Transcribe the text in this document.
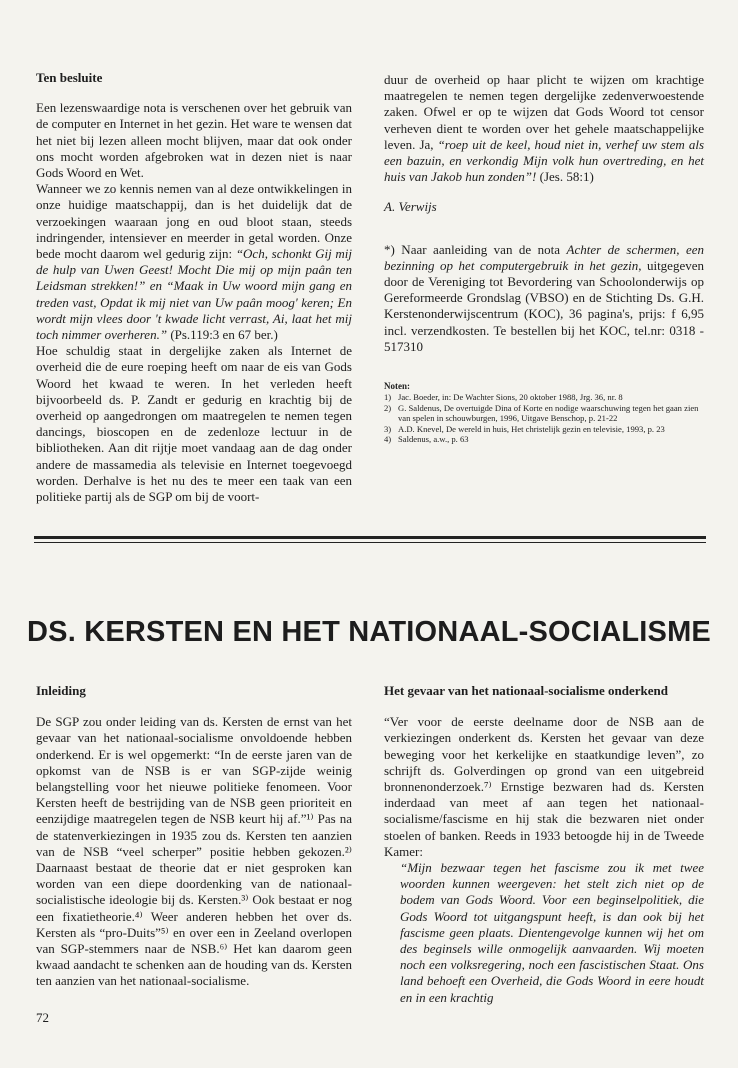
Ten besluite

Een lezenswaardige nota is verschenen over het gebruik van de computer en Internet in het gezin. Het ware te wensen dat het niet bij lezen alleen mocht blijven, maar dat ook onder ons mocht worden afgebroken wat in dezen niet is naar Gods Woord en Wet.

Wanneer we zo kennis nemen van al deze ontwikkelingen in onze huidige maatschappij, dan is het duidelijk dat de verzoekingen waaraan jong en oud bloot staan, steeds indringender, intensiever en meerder in getal worden. Onze bede mocht daarom wel gedurig zijn: “Och, schonkt Gij mij de hulp van Uwen Geest! Mocht Die mij op mijn paân ten Leidsman strekken!” en “Maak in Uw woord mijn gang en treden vast, Opdat ik mij niet van Uw paân moog' keren; En wordt mijn vlees door 't kwade licht verrast, Ai, laat het mij toch nimmer overheren.” (Ps.119:3 en 67 ber.)

Hoe schuldig staat in dergelijke zaken als Internet de overheid die de eure roeping heeft om naar de eis van Gods Woord het kwaad te weren. In het verleden heeft bijvoorbeeld ds. P. Zandt er gedurig en krachtig bij de overheid op aangedrongen om maatregelen te nemen tegen dancings, bioscopen en de zedenloze lectuur in de bibliotheken. Aan dit rijtje moet vandaag aan de dag onder andere de massamedia als televisie en Internet toegevoegd worden. Derhalve is het nu des te meer een taak van een politieke partij als de SGP om bij de voort-

duur de overheid op haar plicht te wijzen om krachtige maatregelen te nemen tegen dergelijke zedenverwoestende zaken. Ofwel er op te wijzen dat Gods Woord tot censor verheven dient te worden over het gehele maatschappelijke leven. Ja, “roep uit de keel, houd niet in, verhef uw stem als een bazuin, en verkondig Mijn volk hun overtreding, en het huis van Jakob hun zonden”! (Jes. 58:1)

A. Verwijs

*) Naar aanleiding van de nota Achter de schermen, een bezinning op het computergebruik in het gezin, uitgegeven door de Vereniging tot Bevordering van Schoolonderwijs op Gereformeerde Grondslag (VBSO) en de Stichting Ds. G.H. Kerstenonderwijscentrum (KOC), 36 pagina's, prijs: f 6,95 incl. verzendkosten. Te bestellen bij het KOC, tel.nr: 0318 - 517310

Noten:
1) Jac. Boeder, in: De Wachter Sions, 20 oktober 1988, Jrg. 36, nr. 8
2) G. Saldenus, De overtuigde Dina of Korte en nodige waarschuwing tegen het gaan zien van spelen in schouwburgen, 1996, Uitgave Benschop, p. 21-22
3) A.D. Knevel, De wereld in huis, Het christelijk gezin en televisie, 1993, p. 23
4) Saldenus, a.w., p. 63
DS. KERSTEN EN HET NATIONAAL-SOCIALISME
Inleiding

De SGP zou onder leiding van ds. Kersten de ernst van het gevaar van het nationaal-socialisme onvoldoende hebben onderkend. Er is wel opgemerkt: “In de eerste jaren van de opkomst van de NSB is er van SGP-zijde weinig belangstelling voor het nieuwe politieke fenomeen. Voor Kersten heeft de bestrijding van de NSB geen prioriteit en eenzijdige maatregelen tegen de NSB keurt hij af.”¹⁾ Pas na de statenverkiezingen in 1935 zou ds. Kersten ten aanzien van de NSB “veel scherper” positie hebben gekozen.²⁾ Daarnaast bestaat de theorie dat er niet gesproken kan worden van een diepe doordenking van de nationaal-socialistische ideologie bij ds. Kersten.³⁾ Ook bestaat er nog een fixatietheorie.⁴⁾ Weer anderen hebben het over ds. Kersten als “pro-Duits”⁵⁾ en over een in Zeeland overlopen van SGP-stemmers naar de NSB.⁶⁾ Het kan daarom geen kwaad aandacht te schenken aan de houding van ds. Kersten ten aanzien van het nationaal-socialisme.

Het gevaar van het nationaal-socialisme onderkend

“Ver voor de eerste deelname door de NSB aan de verkiezingen onderkent ds. Kersten het gevaar van deze beweging voor het kerkelijke en staatkundige leven”, zo schrijft ds. Golverdingen op grond van een uitgebreid bronnenonderzoek.⁷⁾ Ernstige bezwaren had ds. Kersten inderdaad van meet af aan tegen het nationaal-socialisme/fascisme en hij stak die bezwaren niet onder stoelen of banken. Reeds in 1933 betoogde hij in de Tweede Kamer:

“Mijn bezwaar tegen het fascisme zou ik met twee woorden kunnen weergeven: het stelt zich niet op de bodem van Gods Woord. Voor een beginselpolitiek, die Gods Woord tot uitgangspunt heeft, is dan ook bij het fascisme geen plaats. Dientengevolge kunnen wij het om des beginsels wille onmogelijk aanvaarden. Wij moeten noch een volksregering, noch een fascistischen Staat. Ons land behoeft een Overheid, die Gods Woord in eere houdt en in een krachtig

72
